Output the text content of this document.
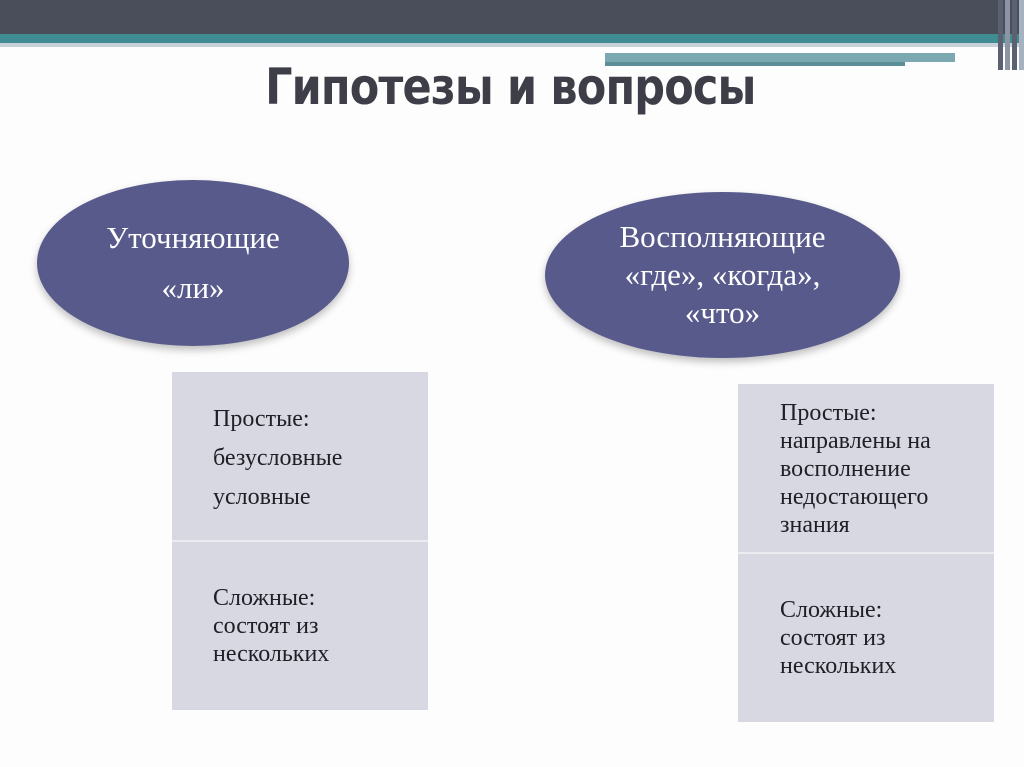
Гипотезы и вопросы
Уточняющие
«ли»
Восполняющие
«где», «когда»,
«что»
Простые:
безусловные
условные
Сложные:
состоят из
нескольких
Простые:
направлены на
восполнение
недостающего
знания
Сложные:
состоят из
нескольких
